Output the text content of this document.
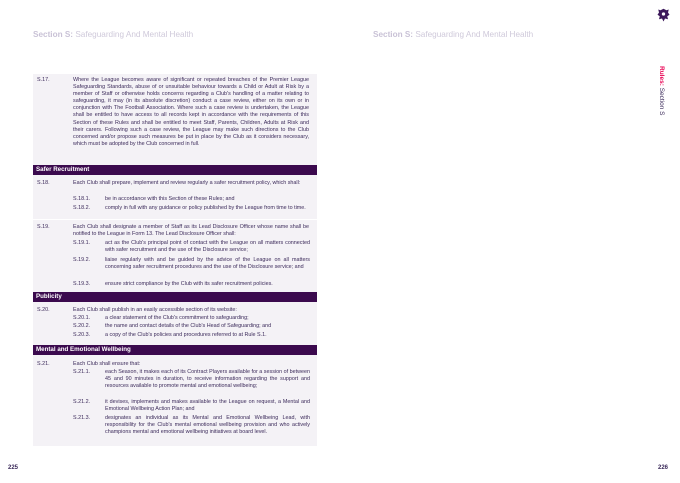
Section S: Safeguarding And Mental Health	Section S: Safeguarding And Mental Health
Rules: Section S
S.17.	Where the League becomes aware of significant or repeated breaches of the Premier League Safeguarding Standards, abuse of or unsuitable behaviour towards a Child or Adult at Risk by a member of Staff or otherwise holds concerns regarding a Club's handling of a matter relating to safeguarding, it may (in its absolute discretion) conduct a case review, either on its own or in conjunction with The Football Association. Where such a case review is undertaken, the League shall be entitled to have access to all records kept in accordance with the requirements of this Section of these Rules and shall be entitled to meet Staff, Parents, Children, Adults at Risk and their carers. Following such a case review, the League may make such directions to the Club concerned and/or propose such measures be put in place by the Club as it considers necessary, which must be adopted by the Club concerned in full.
Safer Recruitment
S.18.	Each Club shall prepare, implement and review regularly a safer recruitment policy, which shall:
S.18.1.	be in accordance with this Section of these Rules; and
S.18.2.	comply in full with any guidance or policy published by the League from time to time.
S.19.	Each Club shall designate a member of Staff as its Lead Disclosure Officer whose name shall be notified to the League in Form 13. The Lead Disclosure Officer shall:
S.19.1.	act as the Club's principal point of contact with the League on all matters connected with safer recruitment and the use of the Disclosure service;
S.19.2.	liaise regularly with and be guided by the advice of the League on all matters concerning safer recruitment procedures and the use of the Disclosure service; and
S.19.3.	ensure strict compliance by the Club with its safer recruitment policies.
Publicity
S.20.	Each Club shall publish in an easily accessible section of its website:
S.20.1.	a clear statement of the Club's commitment to safeguarding;
S.20.2.	the name and contact details of the Club's Head of Safeguarding; and
S.20.3.	a copy of the Club's policies and procedures referred to at Rule S.1.
Mental and Emotional Wellbeing
S.21.	Each Club shall ensure that:
S.21.1.	each Season, it makes each of its Contract Players available for a session of between 45 and 90 minutes in duration, to receive information regarding the support and resources available to promote mental and emotional wellbeing;
S.21.2.	it devises, implements and makes available to the League on request, a Mental and Emotional Wellbeing Action Plan; and
S.21.3.	designates an individual as its Mental and Emotional Wellbeing Lead, with responsibility for the Club's mental emotional wellbeing provision and who actively champions mental and emotional wellbeing initiatives at board level.
225	226
